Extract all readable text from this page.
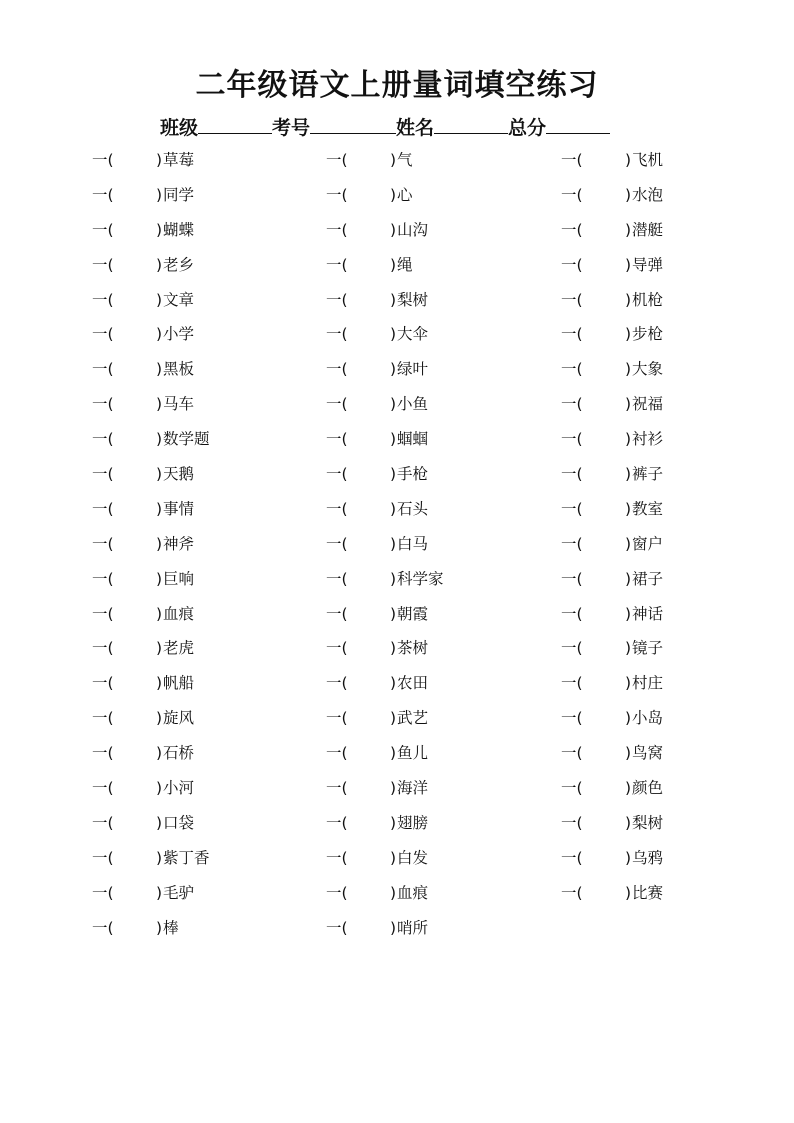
二年级语文上册量词填空练习
班级	考号	姓名	总分
一(	) 草莓
一(	) 同学
一(	) 蝴蝶
一(	) 老乡
一(	) 文章
一(	) 小学
一(	) 黑板
一(	) 马车
一(	) 数学题
一(	) 天鹅
一(	) 事情
一(	) 神斧
一(	) 巨响
一(	) 血痕
一(	) 老虎
一(	) 帆船
一(	) 旋风
一(	) 石桥
一(	) 小河
一(	) 口袋
一(	) 紫丁香
一(	) 毛驴
一(	) 棒
一(	) 气
一(	) 心
一(	) 山沟
一(	) 绳
一(	) 梨树
一(	) 大伞
一(	) 绿叶
一(	) 小鱼
一(	) 蝈蝈
一(	) 手枪
一(	) 石头
一(	) 白马
一(	) 科学家
一(	) 朝霞
一(	) 茶树
一(	) 农田
一(	) 武艺
一(	) 鱼儿
一(	) 海洋
一(	) 翅膀
一(	) 白发
一(	) 血痕
一(	) 哨所
一(	) 飞机
一(	) 水泡
一(	) 潜艇
一(	) 导弹
一(	) 机枪
一(	) 步枪
一(	) 大象
一(	) 祝福
一(	) 衬衫
一(	) 裤子
一(	) 教室
一(	) 窗户
一(	) 裙子
一(	) 神话
一(	) 镜子
一(	) 村庄
一(	) 小岛
一(	) 鸟窝
一(	) 颜色
一(	) 梨树
一(	) 乌鸦
一(	) 比赛
